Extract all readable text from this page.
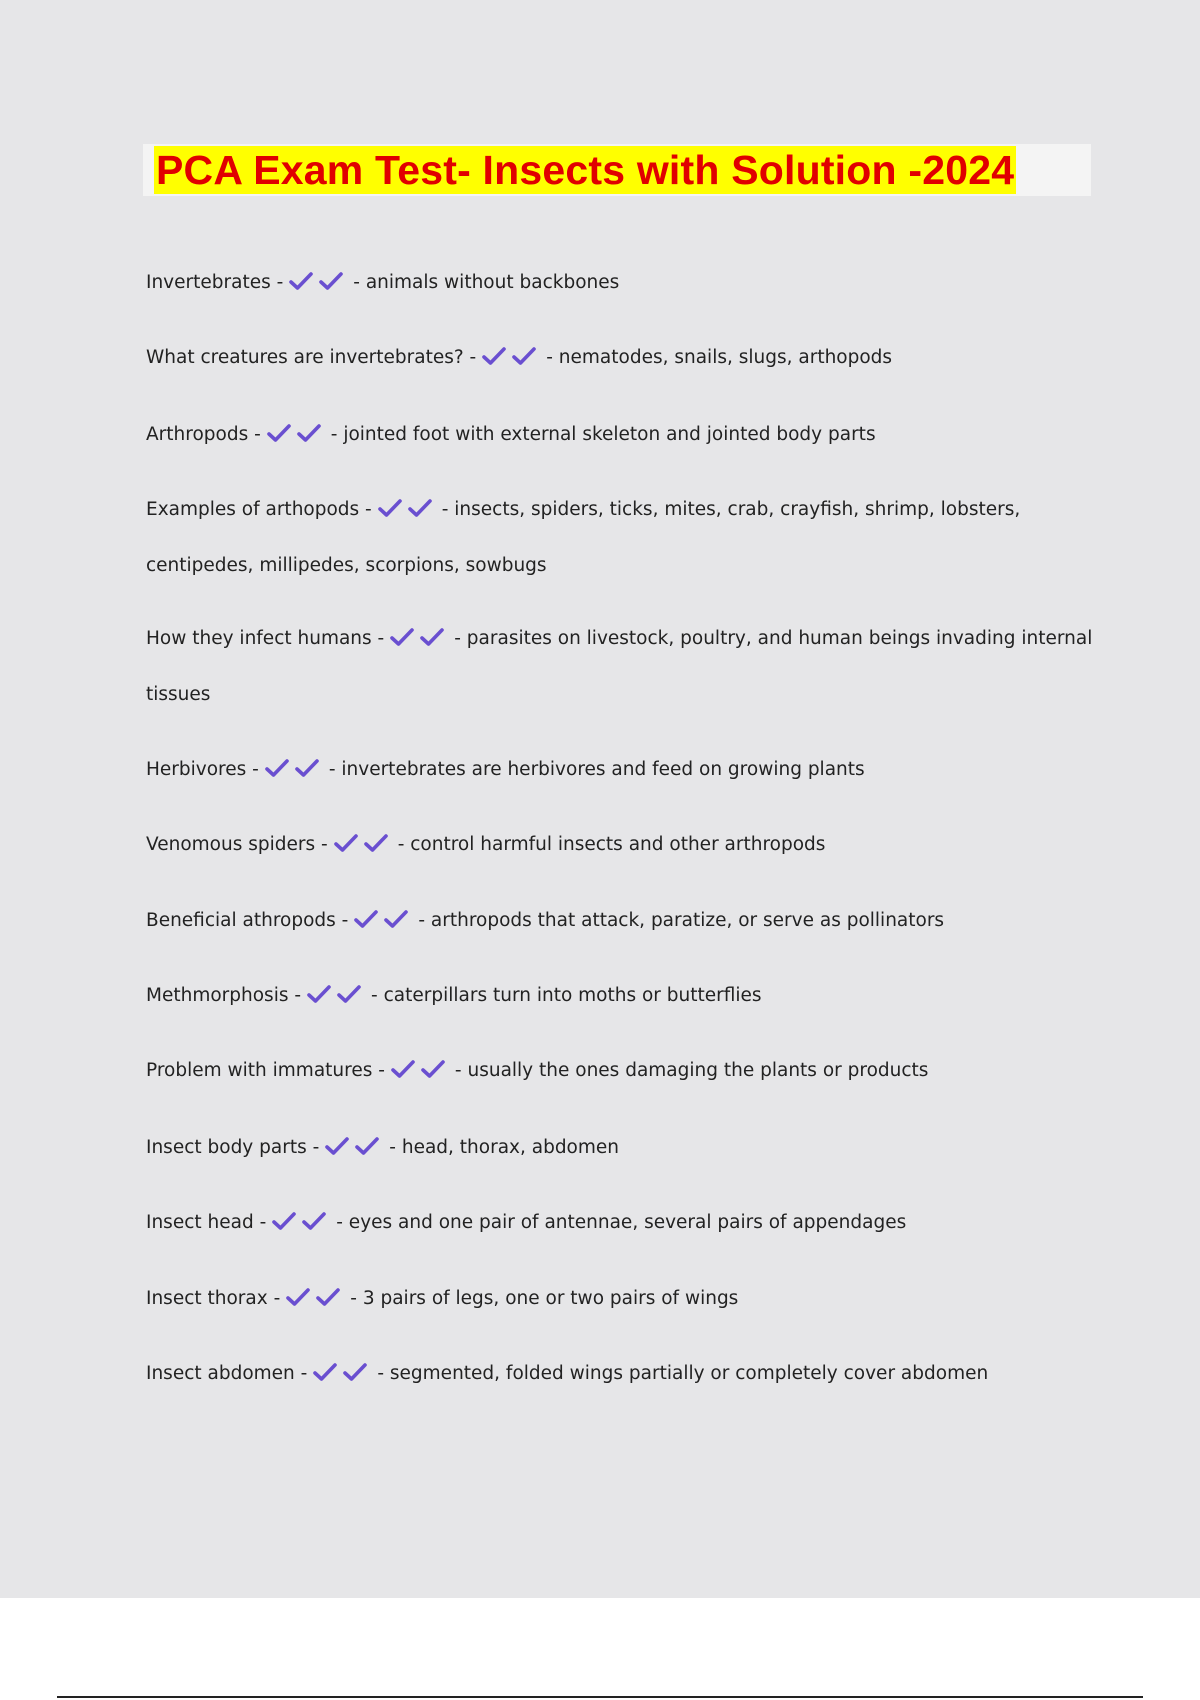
PCA Exam Test- Insects with Solution -2024
Invertebrates -	- animals without backbones
What creatures are invertebrates? -	- nematodes, snails, slugs, arthopods
Arthropods -	- jointed foot with external skeleton and jointed body parts
Examples of arthopods -	- insects, spiders, ticks, mites, crab, crayfish, shrimp, lobsters, centipedes, millipedes, scorpions, sowbugs
How they infect humans -	- parasites on livestock, poultry, and human beings invading internal tissues
Herbivores -	- invertebrates are herbivores and feed on growing plants
Venomous spiders -	- control harmful insects and other arthropods
Beneficial athropods -	- arthropods that attack, paratize, or serve as pollinators
Methmorphosis -	- caterpillars turn into moths or butterflies
Problem with immatures -	- usually the ones damaging the plants or products
Insect body parts -	- head, thorax, abdomen
Insect head -	- eyes and one pair of antennae, several pairs of appendages
Insect thorax -	- 3 pairs of legs, one or two pairs of wings
Insect abdomen -	- segmented, folded wings partially or completely cover abdomen
